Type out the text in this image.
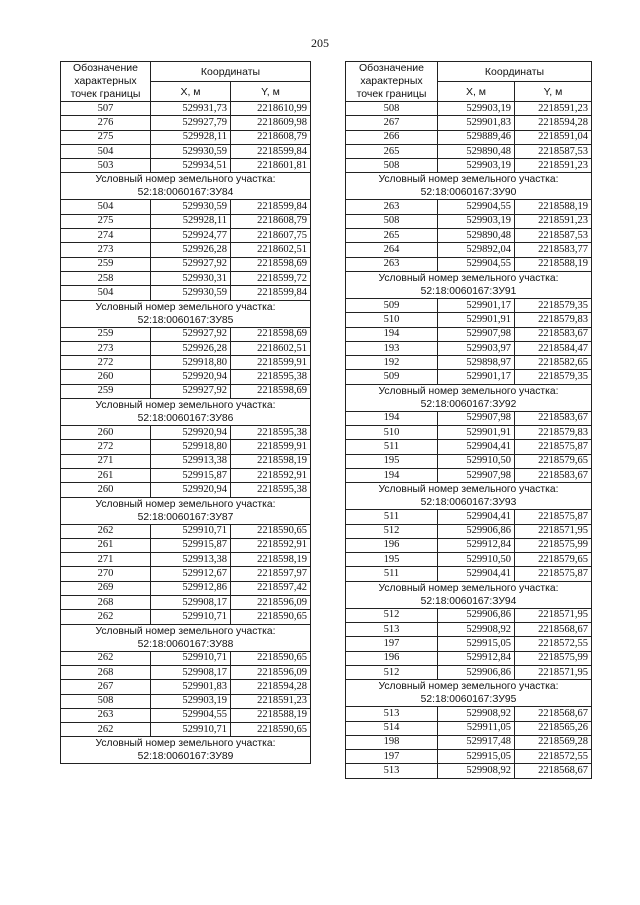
205
Обозначение характерных точек границы	Координаты	
	X, м	Y, м
507	529931,73	2218610,99
276	529927,79	2218609,98
275	529928,11	2218608,79
504	529930,59	2218599,84
503	529934,51	2218601,81

Условный номер земельного участка:
52:18:0060167:ЗУ84		

504	529930,59	2218599,84
275	529928,11	2218608,79
274	529924,77	2218607,75
273	529926,28	2218602,51
259	529927,92	2218598,69
258	529930,31	2218599,72
504	529930,59	2218599,84

Условный номер земельного участка:
52:18:0060167:ЗУ85		

259	529927,92	2218598,69
273	529926,28	2218602,51
272	529918,80	2218599,91
260	529920,94	2218595,38
259	529927,92	2218598,69

Условный номер земельного участка:
52:18:0060167:ЗУ86		

260	529920,94	2218595,38
272	529918,80	2218599,91
271	529913,38	2218598,19
261	529915,87	2218592,91
260	529920,94	2218595,38

Условный номер земельного участка:
52:18:0060167:ЗУ87		

262	529910,71	2218590,65
261	529915,87	2218592,91
271	529913,38	2218598,19
270	529912,67	2218597,97
269	529912,86	2218597,42
268	529908,17	2218596,09
262	529910,71	2218590,65

Условный номер земельного участка:
52:18:0060167:ЗУ88		

262	529910,71	2218590,65
268	529908,17	2218596,09
267	529901,83	2218594,28
508	529903,19	2218591,23
263	529904,55	2218588,19
262	529910,71	2218590,65

Условный номер земельного участка:
52:18:0060167:ЗУ89		
Обозначение характерных точек границы	Координаты	
	X, м	Y, м
508	529903,19	2218591,23
267	529901,83	2218594,28
266	529889,46	2218591,04
265	529890,48	2218587,53
508	529903,19	2218591,23

Условный номер земельного участка:
52:18:0060167:ЗУ90		

263	529904,55	2218588,19
508	529903,19	2218591,23
265	529890,48	2218587,53
264	529892,04	2218583,77
263	529904,55	2218588,19

Условный номер земельного участка:
52:18:0060167:ЗУ91		

509	529901,17	2218579,35
510	529901,91	2218579,83
194	529907,98	2218583,67
193	529903,97	2218584,47
192	529898,97	2218582,65
509	529901,17	2218579,35

Условный номер земельного участка:
52:18:0060167:ЗУ92		

194	529907,98	2218583,67
510	529901,91	2218579,83
511	529904,41	2218575,87
195	529910,50	2218579,65
194	529907,98	2218583,67

Условный номер земельного участка:
52:18:0060167:ЗУ93		

511	529904,41	2218575,87
512	529906,86	2218571,95
196	529912,84	2218575,99
195	529910,50	2218579,65
511	529904,41	2218575,87

Условный номер земельного участка:
52:18:0060167:ЗУ94		

512	529906,86	2218571,95
513	529908,92	2218568,67
197	529915,05	2218572,55
196	529912,84	2218575,99
512	529906,86	2218571,95

Условный номер земельного участка:
52:18:0060167:ЗУ95		

513	529908,92	2218568,67
514	529911,05	2218565,26
198	529917,48	2218569,28
197	529915,05	2218572,55
513	529908,92	2218568,67
